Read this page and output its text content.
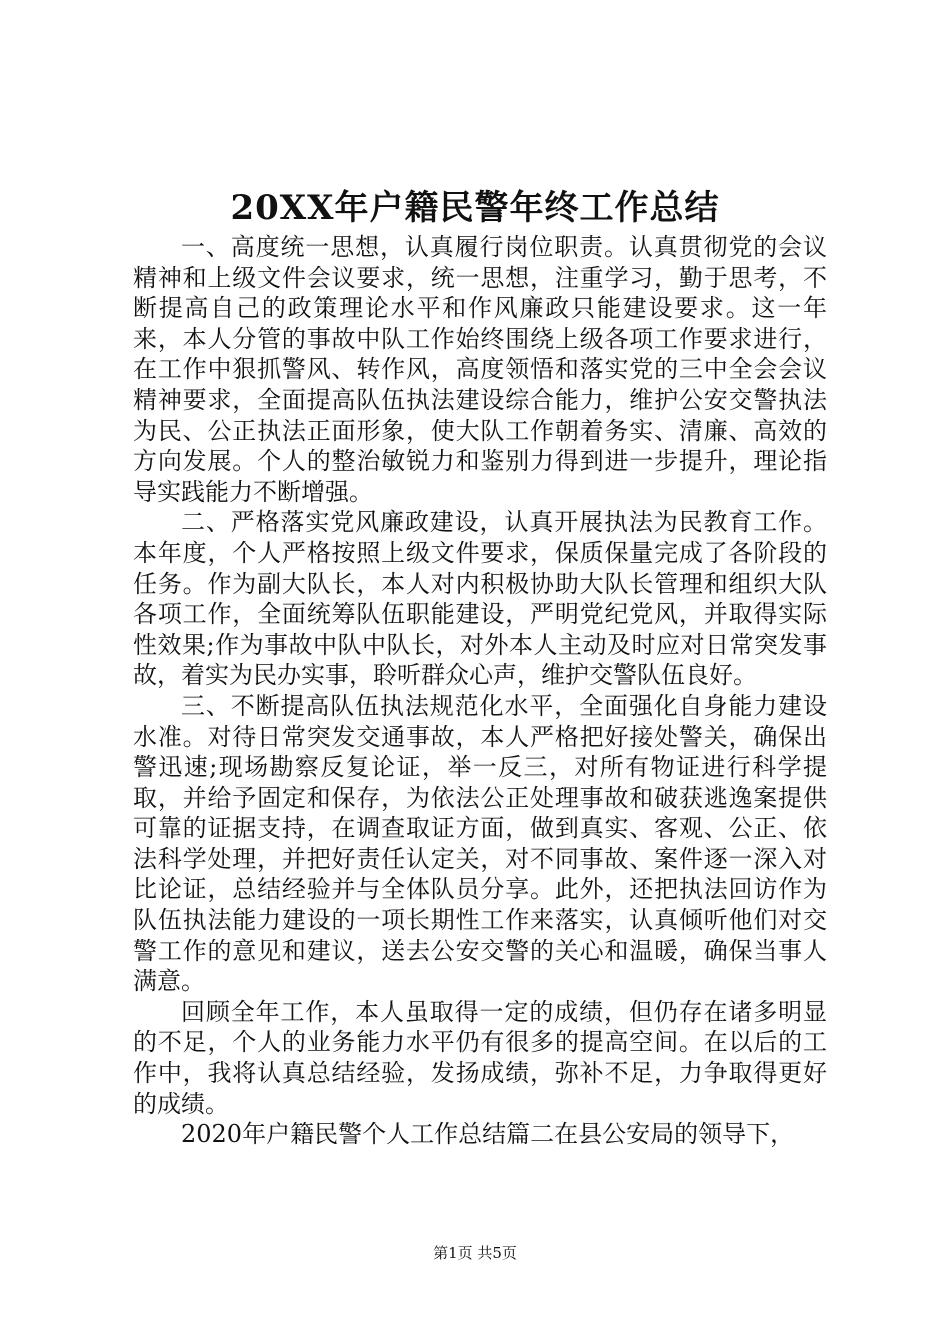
20XX年户籍民警年终工作总结

一、高度统一思想，认真履行岗位职责。认真贯彻党的会议精神和上级文件会议要求，统一思想，注重学习，勤于思考，不断提高自己的政策理论水平和作风廉政只能建设要求。这一年来，本人分管的事故中队工作始终围绕上级各项工作要求进行，在工作中狠抓警风、转作风，高度领悟和落实党的三中全会会议精神要求，全面提高队伍执法建设综合能力，维护公安交警执法为民、公正执法正面形象，使大队工作朝着务实、清廉、高效的方向发展。个人的整治敏锐力和鉴别力得到进一步提升，理论指导实践能力不断增强。

二、严格落实党风廉政建设，认真开展执法为民教育工作。本年度，个人严格按照上级文件要求，保质保量完成了各阶段的任务。作为副大队长，本人对内积极协助大队长管理和组织大队各项工作，全面统筹队伍职能建设，严明党纪党风，并取得实际性效果;作为事故中队中队长，对外本人主动及时应对日常突发事故，着实为民办实事，聆听群众心声，维护交警队伍良好。

三、不断提高队伍执法规范化水平，全面强化自身能力建设水准。对待日常突发交通事故，本人严格把好接处警关，确保出警迅速;现场勘察反复论证，举一反三，对所有物证进行科学提取，并给予固定和保存，为依法公正处理事故和破获逃逸案提供可靠的证据支持，在调查取证方面，做到真实、客观、公正、依法科学处理，并把好责任认定关，对不同事故、案件逐一深入对比论证，总结经验并与全体队员分享。此外，还把执法回访作为队伍执法能力建设的一项长期性工作来落实，认真倾听他们对交警工作的意见和建议，送去公安交警的关心和温暖，确保当事人满意。

回顾全年工作，本人虽取得一定的成绩，但仍存在诸多明显的不足，个人的业务能力水平仍有很多的提高空间。在以后的工作中，我将认真总结经验，发扬成绩，弥补不足，力争取得更好的成绩。

2020年户籍民警个人工作总结篇二在县公安局的领导下，

第1页 共5页
